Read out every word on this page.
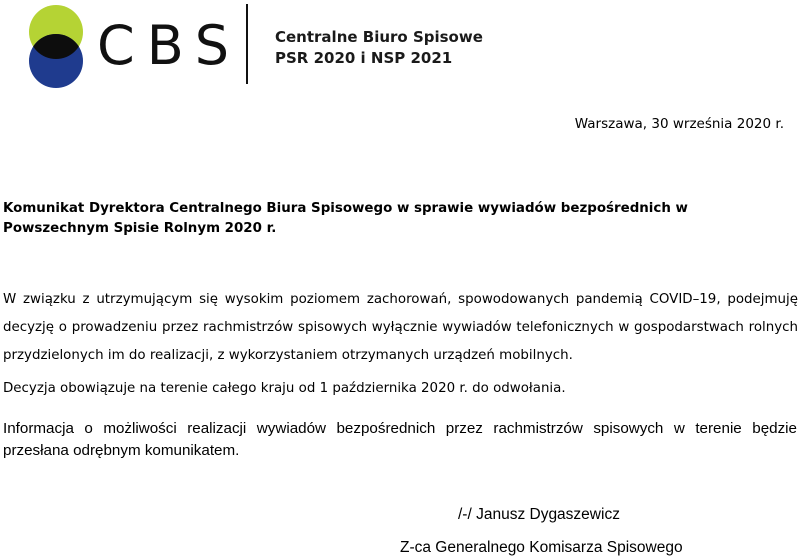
CBS Centralne Biuro Spisowe
PSR 2020 i NSP 2021
Warszawa, 30 września 2020 r.

Komunikat Dyrektora Centralnego Biura Spisowego w sprawie wywiadów bezpośrednich w Powszechnym Spisie Rolnym 2020 r.

W związku z utrzymującym się wysokim poziomem zachorowań, spowodowanych pandemią COVID–19, podejmuję decyzję o prowadzeniu przez rachmistrzów spisowych wyłącznie wywiadów telefonicznych w gospodarstwach rolnych przydzielonych im do realizacji, z wykorzystaniem otrzymanych urządzeń mobilnych.

Decyzja obowiązuje na terenie całego kraju od 1 października 2020 r. do odwołania.

Informacja o możliwości realizacji wywiadów bezpośrednich przez rachmistrzów spisowych w terenie będzie przesłana odrębnym komunikatem.

/-/ Janusz Dygaszewicz
Z-ca Generalnego Komisarza Spisowego
